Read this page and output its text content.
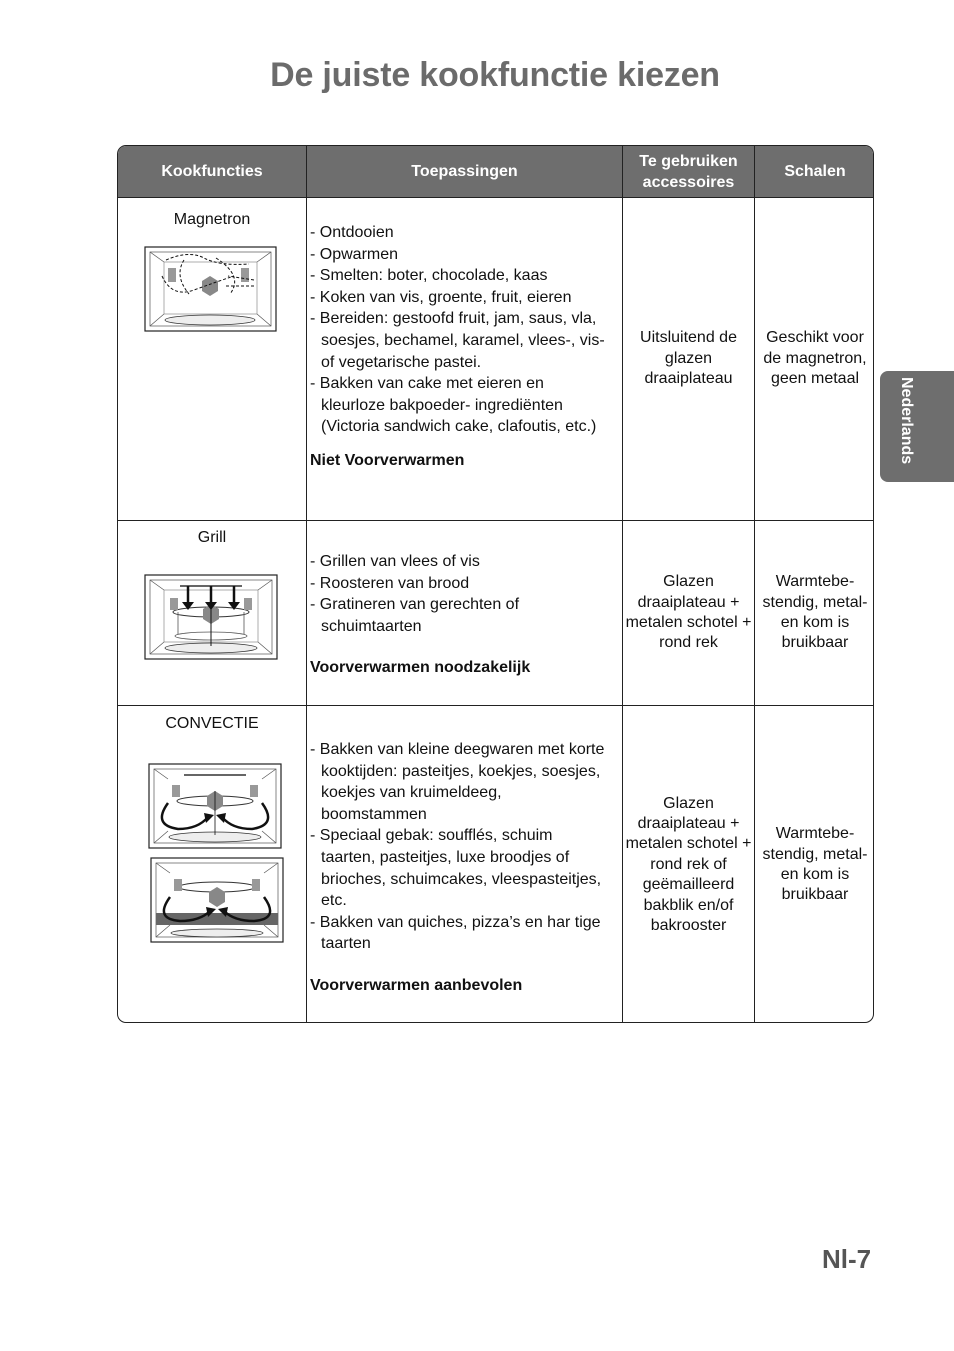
De juiste kookfunctie kiezen
Kookfuncties	Toepassingen
Te gebruiken accessoires
Schalen
Magnetron
- Ontdooien
- Opwarmen
- Smelten: boter, chocolade, kaas
- Koken van vis, groente, fruit, eieren
- Bereiden: gestoofd fruit, jam, saus, vla, soesjes, bechamel, karamel, vlees-, vis- of vegetarische pastei.
- Bakken van cake met eieren en kleurloze bakpoeder- ingrediënten (Victoria sandwich cake, clafoutis, etc.)
Niet Voorverwarmen
Uitsluitend de glazen draaiplateau
Geschikt voor de magnetron, geen metaal
Grill
- Grillen van vlees of vis
- Roosteren van brood
- Gratineren van gerechten of schuimtaarten
Voorverwarmen noodzakelijk
Glazen draaiplateau + metalen schotel + rond rek
Warmtebe- stendig, metal- en kom is bruikbaar
CONVECTIE
- Bakken van kleine deegwaren met korte kooktijden: pasteitjes, koekjes, soesjes, koekjes van kruimeldeeg, boomstammen
- Speciaal gebak: soufflés, schuim taarten, pasteitjes, luxe broodjes of brioches, schuimcakes, vleespasteitjes, etc.
- Bakken van quiches, pizza’s en har tige taarten
Voorverwarmen aanbevolen
Glazen draaiplateau + metalen schotel + rond rek of geëmailleerd bakblik en/of bakrooster
Warmtebe- stendig, metal- en kom is bruikbaar
Nederlands
Nl-7
